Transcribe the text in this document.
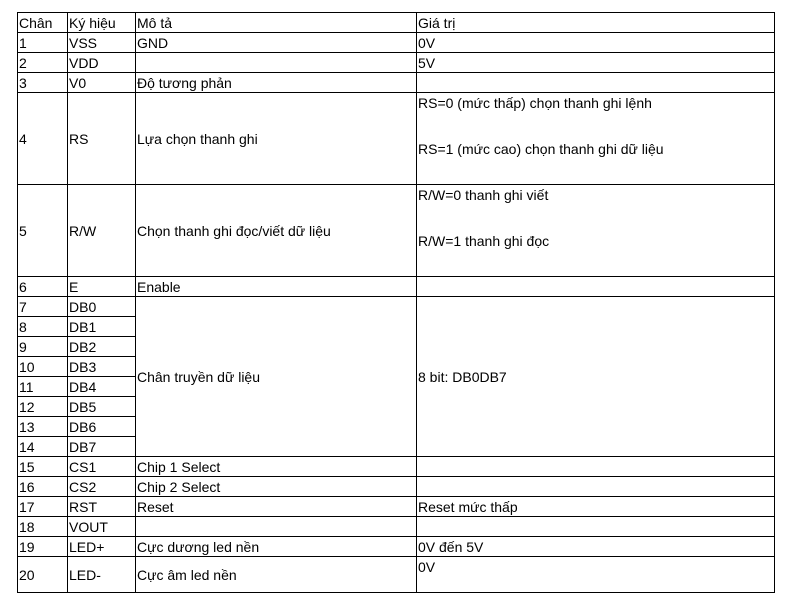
Chân	Ký hiệu	Mô tả	Giá trị
1	VSS	GND	0V
2	VDD		5V
3	V0	Độ tương phản	
4	RS	Lựa chọn thanh ghi	RS=0 (mức thấp) chọn thanh ghi lệnh
RS=1 (mức cao) chọn thanh ghi dữ liệu

5	R/W	Chọn thanh ghi đọc/viết dữ liệu	R/W=0 thanh ghi viết
R/W=1 thanh ghi đọc

6	E	Enable	
7	DB0	Chân truyền dữ liệu	8 bit: DB0DB7
8	DB1		
9	DB2		
10	DB3		
11	DB4		
12	DB5		
13	DB6		
14	DB7		
15	CS1	Chip 1 Select	
16	CS2	Chip 2 Select	
17	RST	Reset	Reset mức thấp
18	VOUT		
19	LED+	Cực dương led nền	0V đến 5V
20	LED-	Cực âm led nền	0V
